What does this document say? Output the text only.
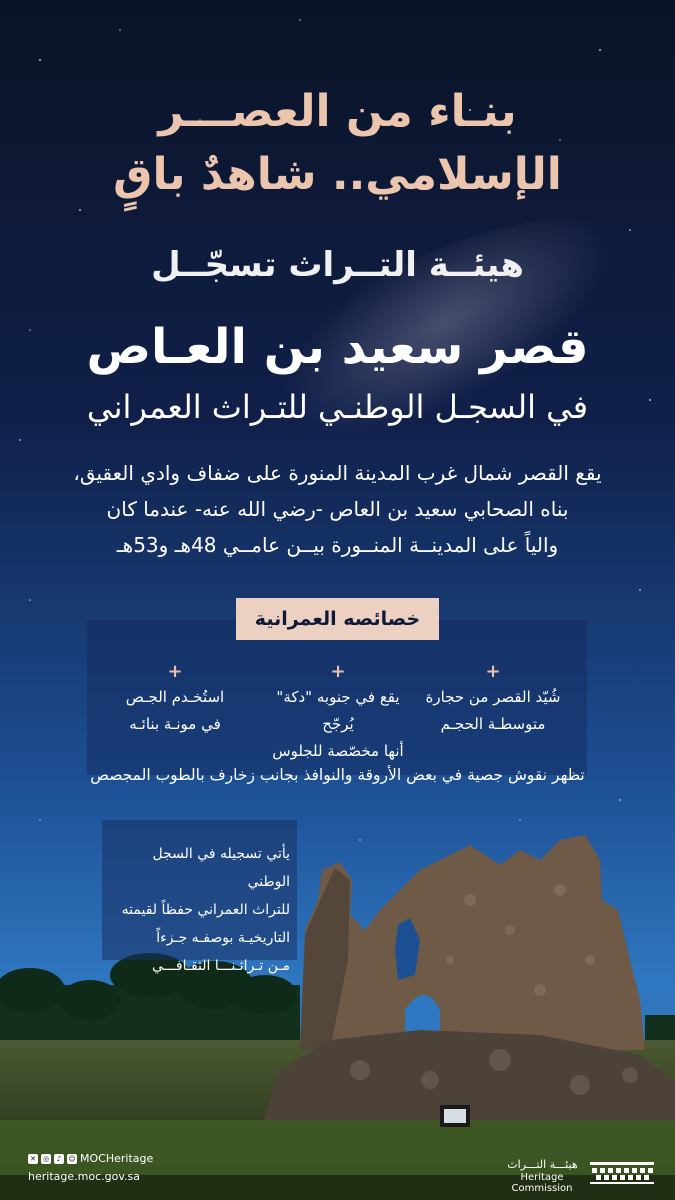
بنـاء من العصـــر
الإسلامي.. شاهدٌ باقٍ
هيئــة التــراث تسجّــل
قصر سعيد بن العـاص
في السجـل الوطنـي للتـراث العمراني
يقع القصر شمال غرب المدينة المنورة على ضفاف وادي العقيق،
بناه الصحابي سعيد بن العاص -رضي الله عنه- عندما كان
والياً على المدينــة المنــورة بيــن عامــي 48هـ و53هـ
خصائصه العمرانية
+
شُيّد القصر من حجارة
متوسطـة الحجـم
+
يقع في جنوبه "دكة" يُرجّح
أنها مخصّصة للجلوس
+
استُخـدم الجـص
في مونـة بنائـه
تظهر نقوش جصية في بعض الأروقة والنوافذ بجانب زخارف بالطوب المجصص
يأتي تسجيله في السجل الوطني
للتراث العمراني حفظاً لقيمته
التاريخيـة بوصفـه جـزءاً
مـن تـراثـنـــا الثقـافـــي
✕ ◎	♪	☺ MOCHeritage
heritage.moc.gov.sa
هيئـــة التـــراث
Heritage Commission
